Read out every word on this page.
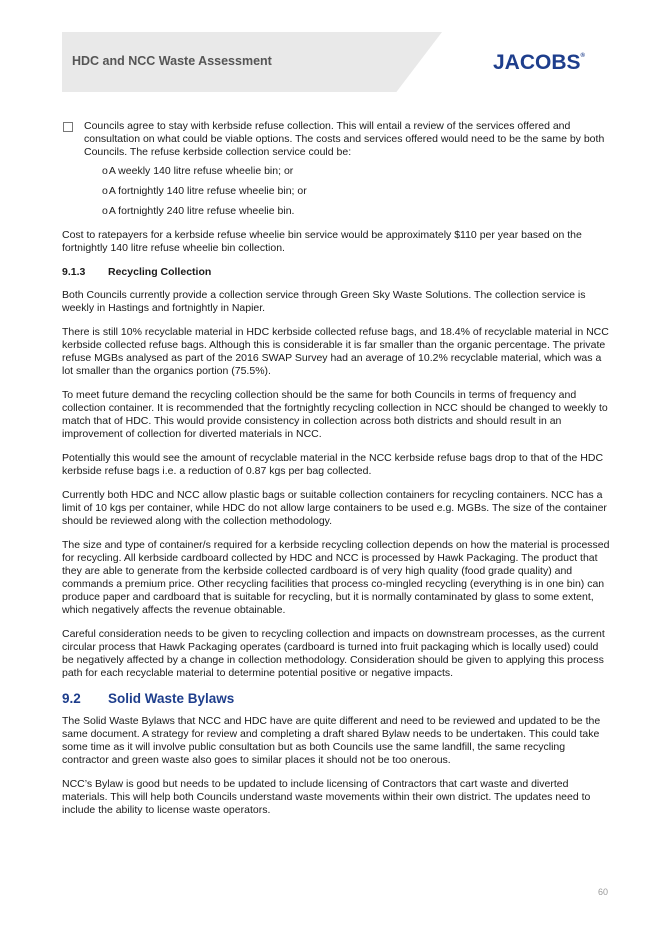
HDC and NCC Waste Assessment	JACOBS®
Councils agree to stay with kerbside refuse collection. This will entail a review of the services offered and consultation on what could be viable options. The costs and services offered would need to be the same by both Councils. The refuse kerbside collection service could be:
oA weekly 140 litre refuse wheelie bin; or
oA fortnightly 140 litre refuse wheelie bin; or
oA fortnightly 240 litre refuse wheelie bin.

Cost to ratepayers for a kerbside refuse wheelie bin service would be approximately $110 per year based on the fortnightly 140 litre refuse wheelie bin collection.

9.1.3 Recycling Collection

Both Councils currently provide a collection service through Green Sky Waste Solutions. The collection service is weekly in Hastings and fortnightly in Napier.

There is still 10% recyclable material in HDC kerbside collected refuse bags, and 18.4% of recyclable material in NCC kerbside collected refuse bags. Although this is considerable it is far smaller than the organic percentage. The private refuse MGBs analysed as part of the 2016 SWAP Survey had an average of 10.2% recyclable material, which was a lot smaller than the organics portion (75.5%).

To meet future demand the recycling collection should be the same for both Councils in terms of frequency and collection container. It is recommended that the fortnightly recycling collection in NCC should be changed to weekly to match that of HDC. This would provide consistency in collection across both districts and should result in an improvement of collection for diverted materials in NCC.

Potentially this would see the amount of recyclable material in the NCC kerbside refuse bags drop to that of the HDC kerbside refuse bags i.e. a reduction of 0.87 kgs per bag collected.

Currently both HDC and NCC allow plastic bags or suitable collection containers for recycling containers. NCC has a limit of 10 kgs per container, while HDC do not allow large containers to be used e.g. MGBs. The size of the container should be reviewed along with the collection methodology.

The size and type of container/s required for a kerbside recycling collection depends on how the material is processed for recycling. All kerbside cardboard collected by HDC and NCC is processed by Hawk Packaging. The product that they are able to generate from the kerbside collected cardboard is of very high quality (food grade quality) and commands a premium price. Other recycling facilities that process co-mingled recycling (everything is in one bin) can produce paper and cardboard that is suitable for recycling, but it is normally contaminated by glass to some extent, which negatively affects the revenue obtainable.

Careful consideration needs to be given to recycling collection and impacts on downstream processes, as the current circular process that Hawk Packaging operates (cardboard is turned into fruit packaging which is locally used) could be negatively affected by a change in collection methodology. Consideration should be given to applying this process path for each recyclable material to determine potential positive or negative impacts.

9.2 Solid Waste Bylaws

The Solid Waste Bylaws that NCC and HDC have are quite different and need to be reviewed and updated to be the same document. A strategy for review and completing a draft shared Bylaw needs to be undertaken. This could take some time as it will involve public consultation but as both Councils use the same landfill, the same recycling contractor and green waste also goes to similar places it should not be too onerous.

NCC’s Bylaw is good but needs to be updated to include licensing of Contractors that cart waste and diverted materials. This will help both Councils understand waste movements within their own district. The updates need to include the ability to license waste operators.

60
